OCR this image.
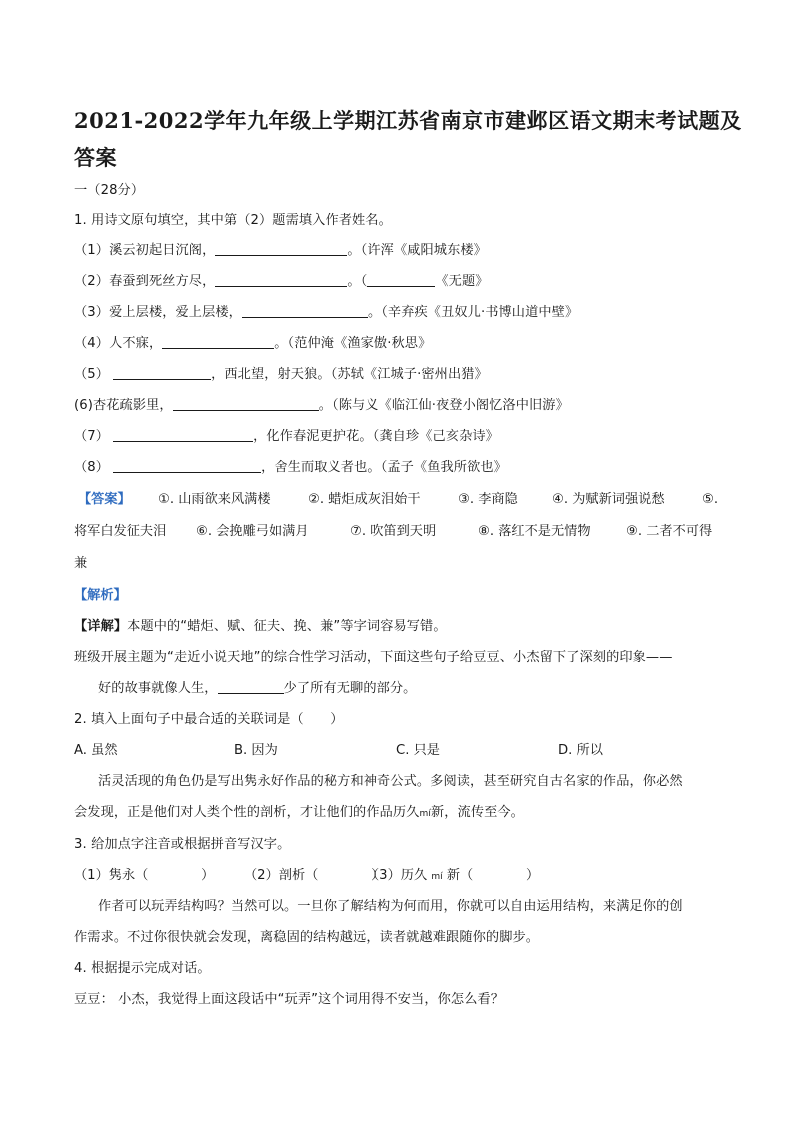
2021-2022学年九年级上学期江苏省南京市建邺区语文期末考试题及
答案
一（28分）
1. 用诗文原句填空，其中第（2）题需填入作者姓名。
（1）溪云初起日沉阁，	。（许浑《咸阳城东楼》
（2）春蚕到死丝方尽，	。（	《无题》
（3）爱上层楼，爱上层楼，	。（辛弃疾《丑奴儿·书博山道中壁》
（4）人不寐，	。（范仲淹《渔家傲·秋思》
（5）	，西北望，射天狼。（苏轼《江城子·密州出猎》
(6)杏花疏影里，	。（陈与义《临江仙·夜登小阁忆洛中旧游》
（7）	，化作春泥更护花。（龚自珍《己亥杂诗》
（8）	，舍生而取义者也。（孟子《鱼我所欲也》
【答案】 ①. 山雨欲来风满楼	②. 蜡炬成灰泪始干	③. 李商隐	④. 为赋新词强说愁	⑤.
将军白发征夫泪 ⑥. 会挽雕弓如满月	⑦. 吹笛到天明	⑧. 落红不是无情物	⑨. 二者不可得
兼
【解析】
【详解】本题中的“蜡炬、赋、征夫、挽、兼”等字词容易写错。
班级开展主题为“走近小说天地”的综合性学习活动，下面这些句子给豆豆、小杰留下了深刻的印象——
好的故事就像人生，	少了所有无聊的部分。
2. 填入上面句子中最合适的关联词是（　　）
A. 虽然	B. 因为	C. 只是	D. 所以
活灵活现的角色仍是写出隽永好作品的秘方和神奇公式。多阅读，甚至研究自古名家的作品，你必然
会发现，正是他们对人类个性的剖析，才让他们的作品历久mí新，流传至今。
3. 给加点字注音或根据拼音写汉字。
（1）隽永（　　　　） （2）剖析（　　　　）
（3）历久 mí 新（　　　　）
作者可以玩弄结构吗？当然可以。一旦你了解结构为何而用，你就可以自由运用结构，来满足你的创
作需求。不过你很快就会发现，离稳固的结构越远，读者就越难跟随你的脚步。
4. 根据提示完成对话。
豆豆： 小杰，我觉得上面这段话中“玩弄”这个词用得不安当，你怎么看？
